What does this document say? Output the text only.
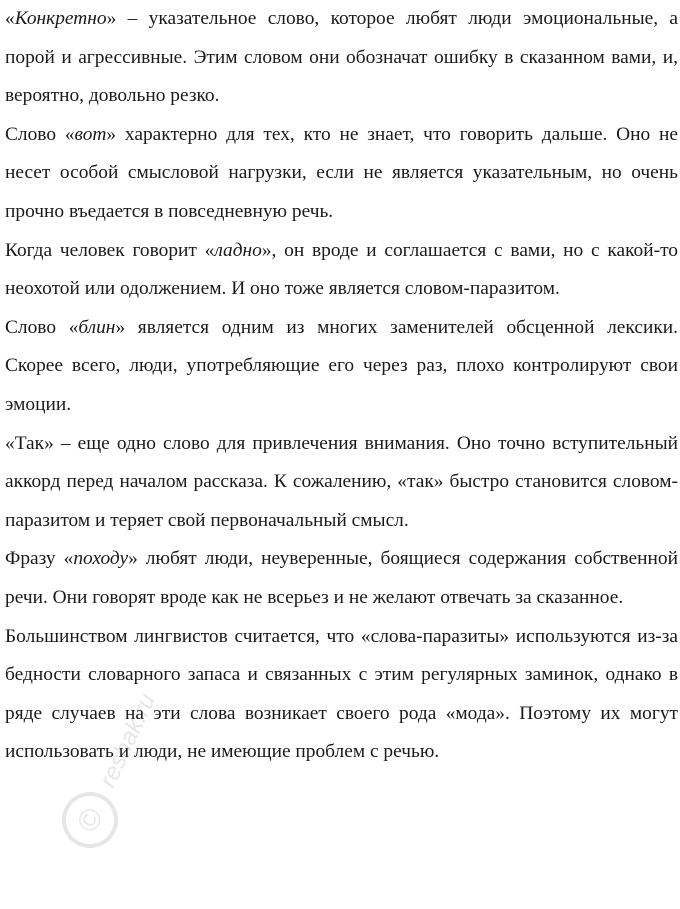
«Конкретно» – указательное слово, которое любят люди эмоциональные, а порой и агрессивные. Этим словом они обозначат ошибку в сказанном вами, и, вероятно, довольно резко.

Слово «вот» характерно для тех, кто не знает, что говорить дальше. Оно не несет особой смысловой нагрузки, если не является указательным, но очень прочно въедается в повседневную речь.

Когда человек говорит «ладно», он вроде и соглашается с вами, но с какой-то неохотой или одолжением. И оно тоже является словом-паразитом.

Слово «блин» является одним из многих заменителей обсценной лексики. Скорее всего, люди, употребляющие его через раз, плохо контролируют свои эмоции.

«Так» – еще одно слово для привлечения внимания. Оно точно вступительный аккорд перед началом рассказа. К сожалению, «так» быстро становится словом-паразитом и теряет свой первоначальный смысл.

Фразу «походу» любят люди, неуверенные, боящиеся содержания собственной речи. Они говорят вроде как не всерьез и не желают отвечать за сказанное.

Большинством лингвистов считается, что «слова-паразиты» используются из-за бедности словарного запаса и связанных с этим регулярных заминок, однако в ряде случаев на эти слова возникает своего рода «мода». Поэтому их могут использовать и люди, не имеющие проблем с речью.

©
reshak.ru
